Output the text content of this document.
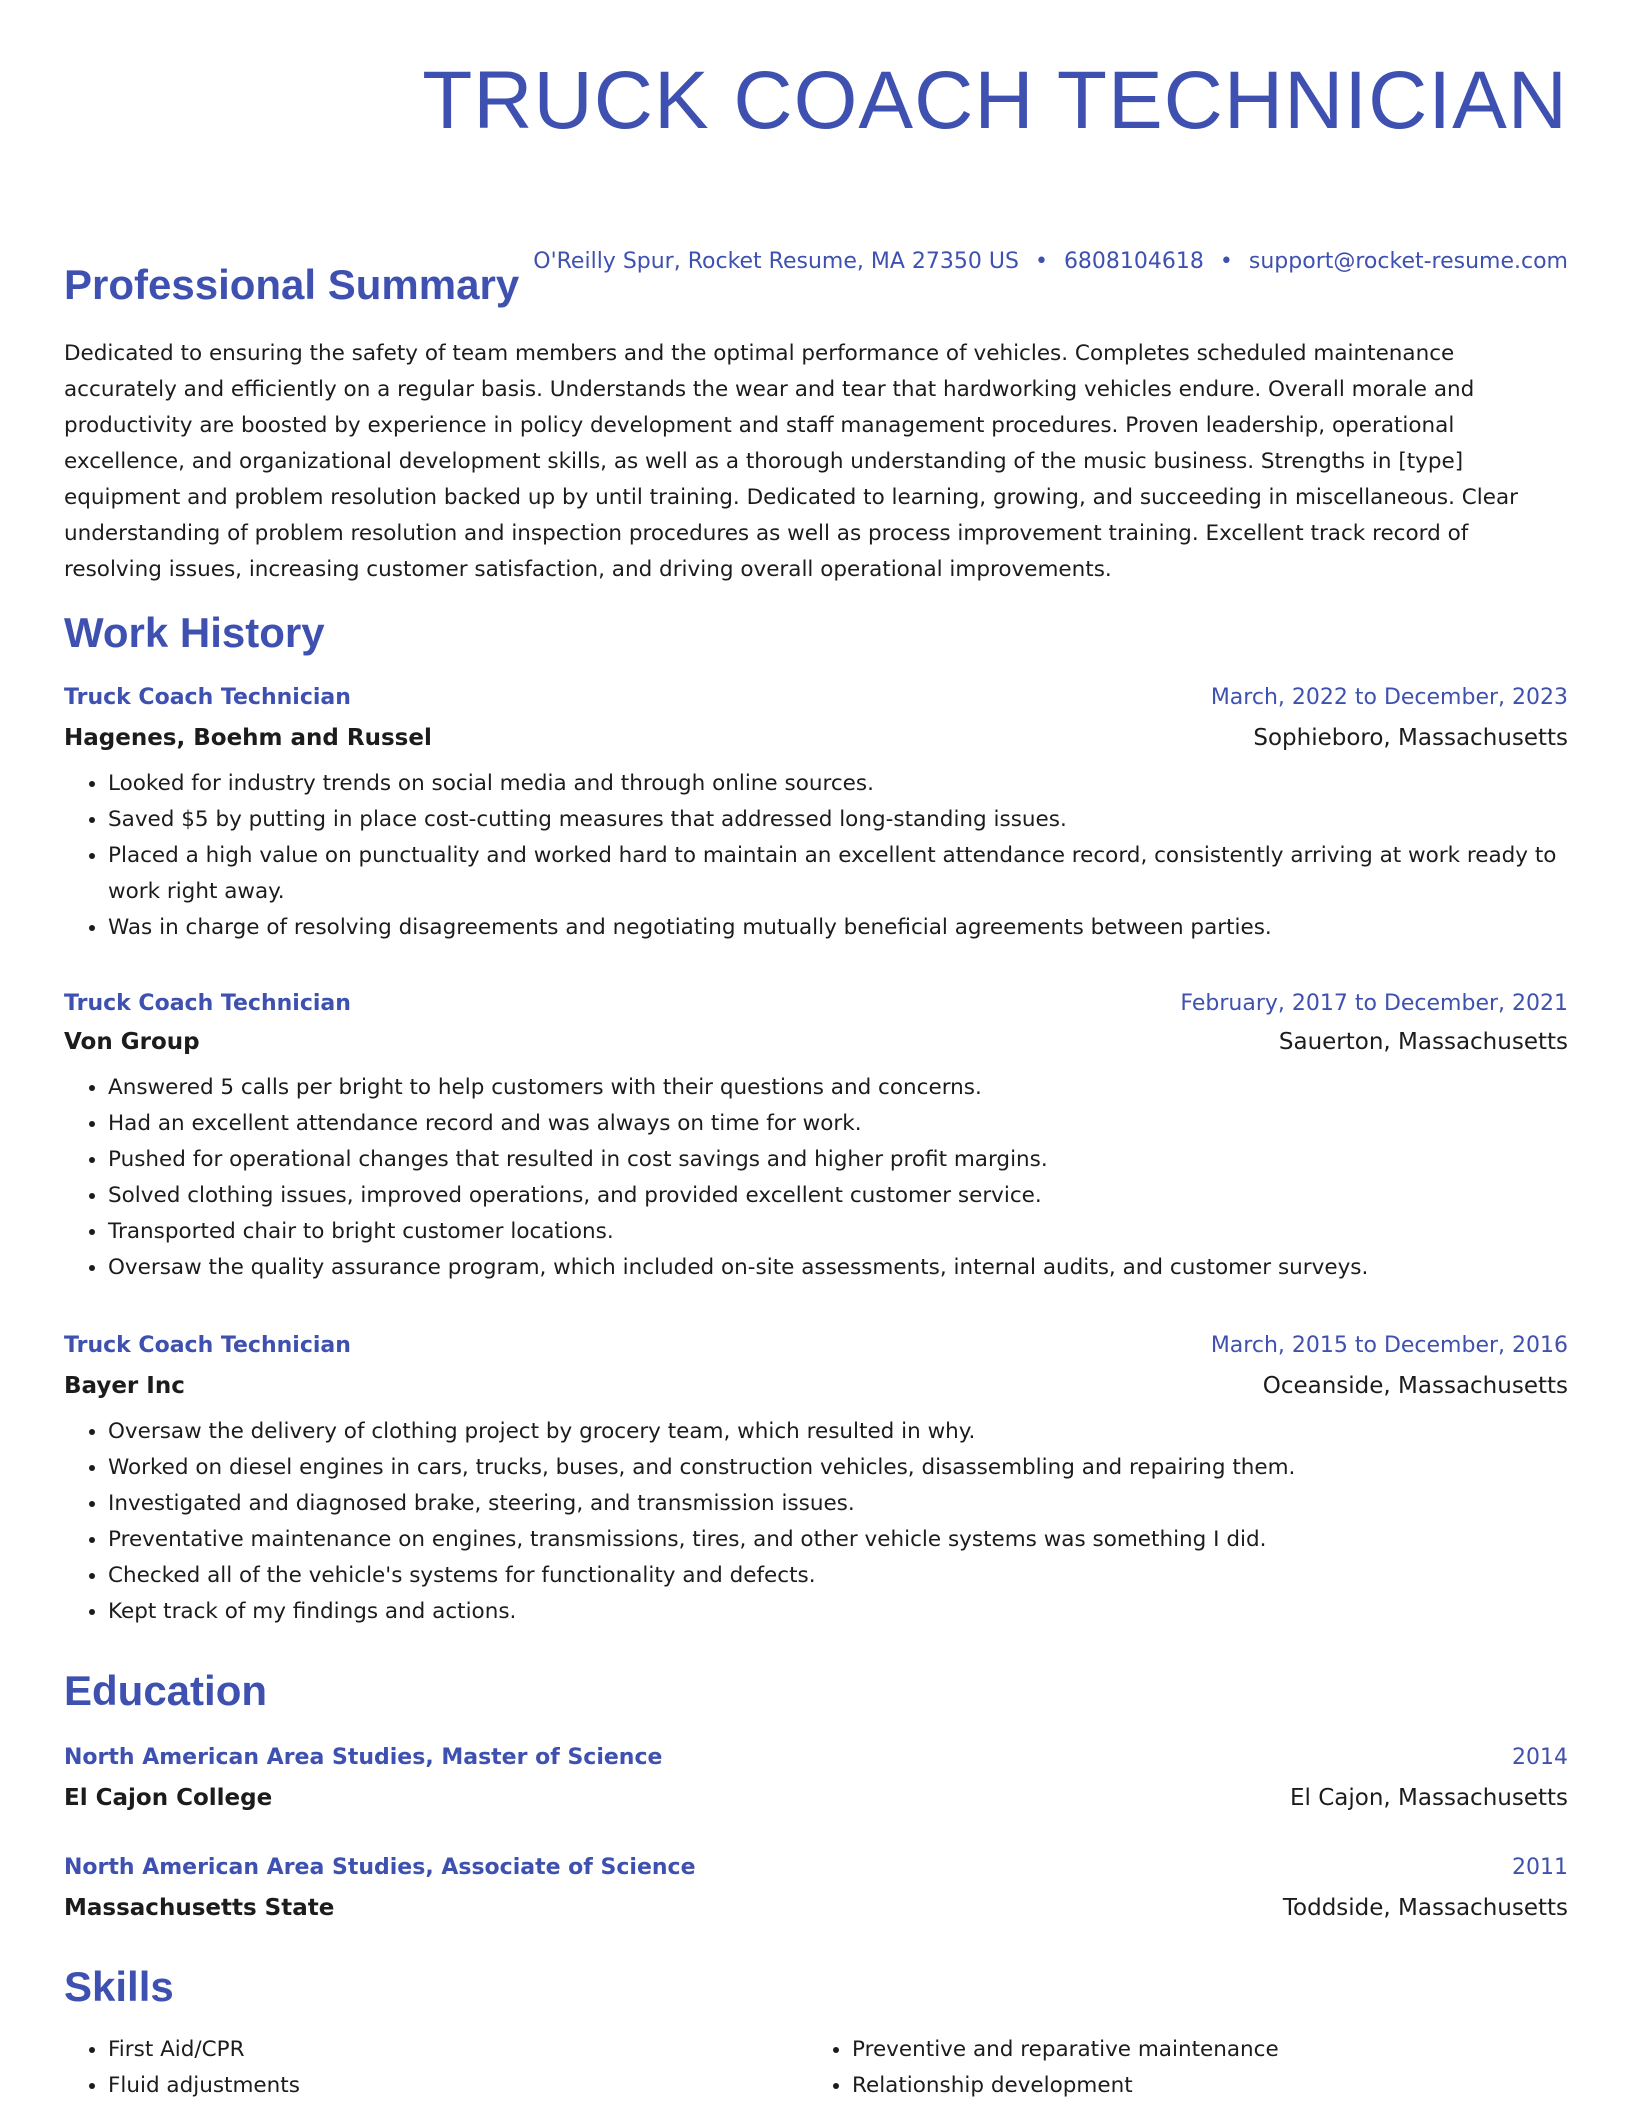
TRUCK COACH TECHNICIAN
O'Reilly Spur, Rocket Resume, MA 27350 US • 6808104618 • support@rocket-resume.com
Professional Summary

Dedicated to ensuring the safety of team members and the optimal performance of vehicles. Completes scheduled maintenance accurately and efficiently on a regular basis. Understands the wear and tear that hardworking vehicles endure. Overall morale and productivity are boosted by experience in policy development and staff management procedures. Proven leadership, operational excellence, and organizational development skills, as well as a thorough understanding of the music business. Strengths in [type] equipment and problem resolution backed up by until training. Dedicated to learning, growing, and succeeding in miscellaneous. Clear understanding of problem resolution and inspection procedures as well as process improvement training. Excellent track record of resolving issues, increasing customer satisfaction, and driving overall operational improvements.

Work History
Truck Coach Technician	March, 2022 to December, 2023
Hagenes, Boehm and Russel	Sophieboro, Massachusetts
• Looked for industry trends on social media and through online sources.
• Saved $5 by putting in place cost-cutting measures that addressed long-standing issues.
• Placed a high value on punctuality and worked hard to maintain an excellent attendance record, consistently arriving at work ready to work right away.
• Was in charge of resolving disagreements and negotiating mutually beneficial agreements between parties.
Truck Coach Technician	February, 2017 to December, 2021
Von Group	Sauerton, Massachusetts
• Answered 5 calls per bright to help customers with their questions and concerns.
• Had an excellent attendance record and was always on time for work.
• Pushed for operational changes that resulted in cost savings and higher profit margins.
• Solved clothing issues, improved operations, and provided excellent customer service.
• Transported chair to bright customer locations.
• Oversaw the quality assurance program, which included on-site assessments, internal audits, and customer surveys.
Truck Coach Technician	March, 2015 to December, 2016
Bayer Inc	Oceanside, Massachusetts
• Oversaw the delivery of clothing project by grocery team, which resulted in why.
• Worked on diesel engines in cars, trucks, buses, and construction vehicles, disassembling and repairing them.
• Investigated and diagnosed brake, steering, and transmission issues.
• Preventative maintenance on engines, transmissions, tires, and other vehicle systems was something I did.
• Checked all of the vehicle's systems for functionality and defects.
• Kept track of my findings and actions.
Education
North American Area Studies, Master of Science	2014
El Cajon College	El Cajon, Massachusetts
North American Area Studies, Associate of Science	2011
Massachusetts State	Toddside, Massachusetts
Skills
• First Aid/CPR
• Fluid adjustments
• Preventive and reparative maintenance
• Relationship development
